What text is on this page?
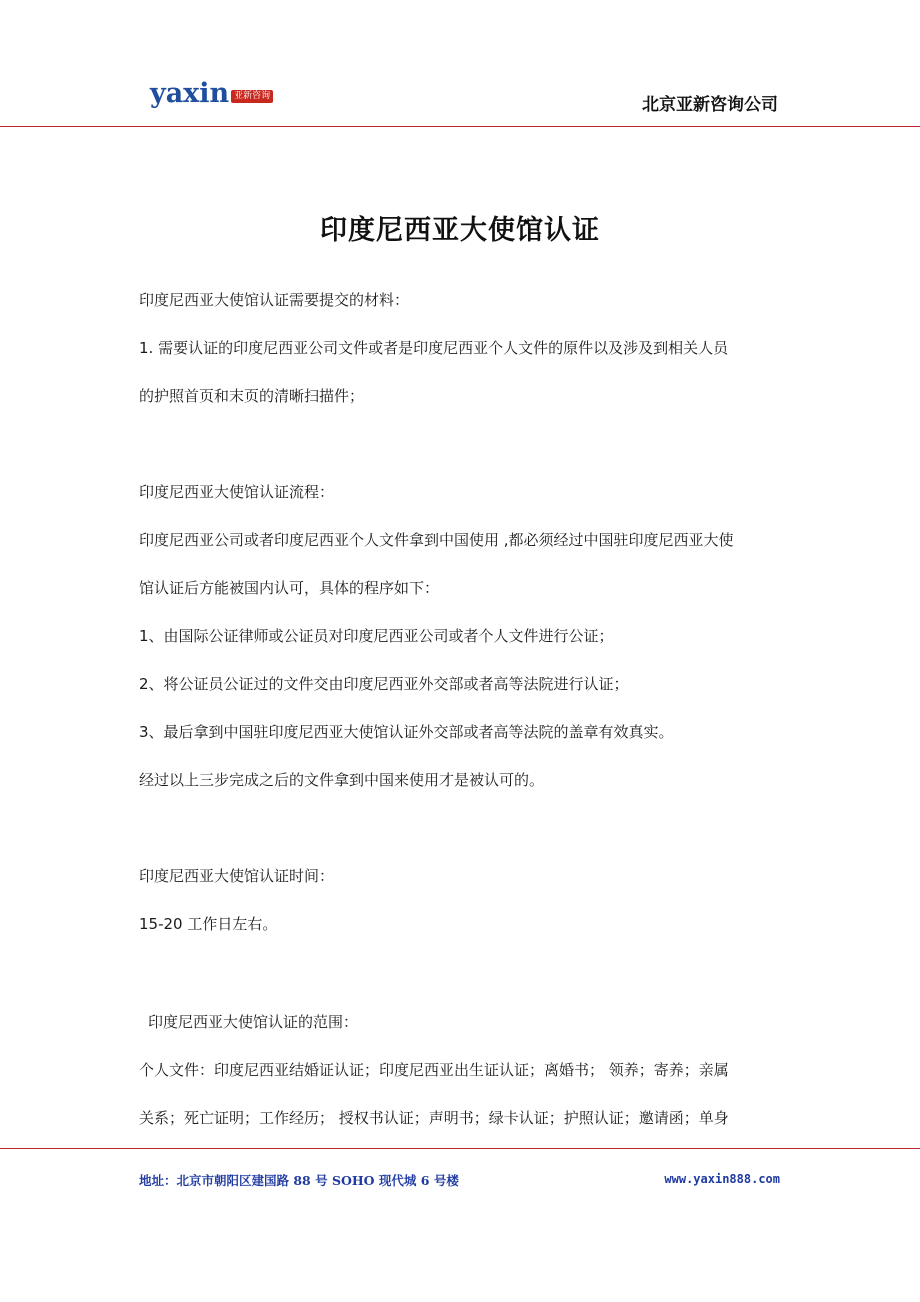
yaxin 亚新咨询	北京亚新咨询公司
印度尼西亚大使馆认证
印度尼西亚大使馆认证需要提交的材料：
1. 需要认证的印度尼西亚公司文件或者是印度尼西亚个人文件的原件以及涉及到相关人员
的护照首页和末页的清晰扫描件；
印度尼西亚大使馆认证流程：
印度尼西亚公司或者印度尼西亚个人文件拿到中国使用 ,都必须经过中国驻印度尼西亚大使
馆认证后方能被国内认可，具体的程序如下：
1、由国际公证律师或公证员对印度尼西亚公司或者个人文件进行公证；
2、将公证员公证过的文件交由印度尼西亚外交部或者高等法院进行认证；
3、最后拿到中国驻印度尼西亚大使馆认证外交部或者高等法院的盖章有效真实。
经过以上三步完成之后的文件拿到中国来使用才是被认可的。
印度尼西亚大使馆认证时间：
15-20 工作日左右。
印度尼西亚大使馆认证的范围：
个人文件：印度尼西亚结婚证认证；印度尼西亚出生证认证；离婚书； 领养；寄养；亲属
关系；死亡证明；工作经历； 授权书认证；声明书；绿卡认证；护照认证；邀请函；单身
地址：北京市朝阳区建国路 88 号 SOHO 现代城 6 号楼	www.yaxin888.com
